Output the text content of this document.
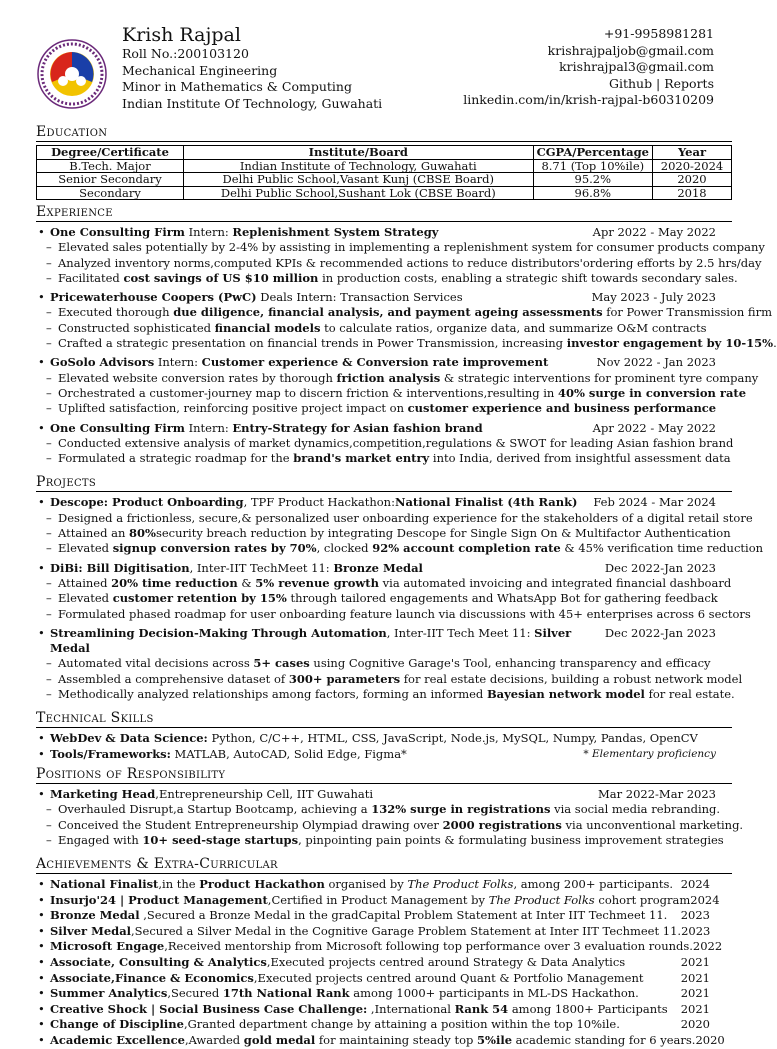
Krish Rajpal
Roll No.:200103120
Mechanical Engineering
Minor in Mathematics & Computing
Indian Institute Of Technology, Guwahati
+91-9958981281
krishrajpaljob@gmail.com
krishrajpal3@gmail.com
Github | Reports
linkedin.com/in/krish-rajpal-b60310209
Education
Degree/Certificate	Institute/Board	CGPA/Percentage	Year
B.Tech. Major	Indian Institute of Technology, Guwahati	8.71 (Top 10%ile)	2020-2024
Senior Secondary	Delhi Public School,Vasant Kunj (CBSE Board)	95.2%	2020
Secondary	Delhi Public School,Sushant Lok (CBSE Board)	96.8%	2018
Experience
• One Consulting Firm Intern: Replenishment System Strategy	Apr 2022 - May 2022
– Elevated sales potentially by 2-4% by assisting in implementing a replenishment system for consumer products company
– Analyzed inventory norms,computed KPIs & recommended actions to reduce distributors'ordering efforts by 2.5 hrs/day
– Facilitated cost savings of US $10 million in production costs, enabling a strategic shift towards secondary sales.
• Pricewaterhouse Coopers (PwC) Deals Intern: Transaction Services	May 2023 - July 2023
– Executed thorough due diligence, financial analysis, and payment ageing assessments for Power Transmission firm
– Constructed sophisticated financial models to calculate ratios, organize data, and summarize O&M contracts
– Crafted a strategic presentation on financial trends in Power Transmission, increasing investor engagement by 10-15%.
• GoSolo Advisors Intern: Customer experience & Conversion rate improvement	Nov 2022 - Jan 2023
– Elevated website conversion rates by thorough friction analysis & strategic interventions for prominent tyre company
– Orchestrated a customer-journey map to discern friction & interventions,resulting in 40% surge in conversion rate
– Uplifted satisfaction, reinforcing positive project impact on customer experience and business performance
• One Consulting Firm Intern: Entry-Strategy for Asian fashion brand	Apr 2022 - May 2022
– Conducted extensive analysis of market dynamics,competition,regulations & SWOT for leading Asian fashion brand
– Formulated a strategic roadmap for the brand's market entry into India, derived from insightful assessment data
Projects
• Descope: Product Onboarding, TPF Product Hackathon:National Finalist (4th Rank) Feb 2024 - Mar 2024
– Designed a frictionless, secure,& personalized user onboarding experience for the stakeholders of a digital retail store
– Attained an 80%security breach reduction by integrating Descope for Single Sign On & Multifactor Authentication
– Elevated signup conversion rates by 70%, clocked 92% account completion rate & 45% verification time reduction
• DiBi: Bill Digitisation, Inter-IIT TechMeet 11: Bronze Medal	Dec 2022-Jan 2023
– Attained 20% time reduction & 5% revenue growth via automated invoicing and integrated financial dashboard
– Elevated customer retention by 15% through tailored engagements and WhatsApp Bot for gathering feedback
– Formulated phased roadmap for user onboarding feature launch via discussions with 45+ enterprises across 6 sectors
• Streamlining Decision-Making Through Automation, Inter-IIT Tech Meet 11: Silver Medal
Dec 2022-Jan 2023
– Automated vital decisions across 5+ cases using Cognitive Garage's Tool, enhancing transparency and efficacy
– Assembled a comprehensive dataset of 300+ parameters for real estate decisions, building a robust network model
– Methodically analyzed relationships among factors, forming an informed Bayesian network model for real estate.
Technical Skills
• WebDev & Data Science: Python, C/C++, HTML, CSS, JavaScript, Node.js, MySQL, Numpy, Pandas, OpenCV
• Tools/Frameworks: MATLAB, AutoCAD, Solid Edge, Figma*	* Elementary proficiency
Positions of Responsibility
• Marketing Head,Entrepreneurship Cell, IIT Guwahati	Mar 2022-Mar 2023
– Overhauled Disrupt,a Startup Bootcamp, achieving a 132% surge in registrations via social media rebranding.
– Conceived the Student Entrepreneurship Olympiad drawing over 2000 registrations via unconventional marketing.
– Engaged with 10+ seed-stage startups, pinpointing pain points & formulating business improvement strategies
Achievements & Extra-Curricular
• National Finalist,in the Product Hackathon organised by The Product Folks, among 200+ participants. 2024
• Insurjo'24 | Product Management,Certified in Product Management by The Product Folks cohort program 2024
• Bronze Medal ,Secured a Bronze Medal in the gradCapital Problem Statement at Inter IIT Techmeet 11. 2023
• Silver Medal,Secured a Silver Medal in the Cognitive Garage Problem Statement at Inter IIT Techmeet 11. 2023
• Microsoft Engage,Received mentorship from Microsoft following top performance over 3 evaluation rounds. 2022
• Associate, Consulting & Analytics,Executed projects centred around Strategy & Data Analytics	2021
• Associate,Finance & Economics,Executed projects centred around Quant & Portfolio Management	2021
• Summer Analytics,Secured 17th National Rank among 1000+ participants in ML-DS Hackathon.	2021
• Creative Shock | Social Business Case Challenge: ,International Rank 54 among 1800+ Participants 2021
• Change of Discipline,Granted department change by attaining a position within the top 10%ile.	2020
• Academic Excellence,Awarded gold medal for maintaining steady top 5%ile academic standing for 6 years. 2020
